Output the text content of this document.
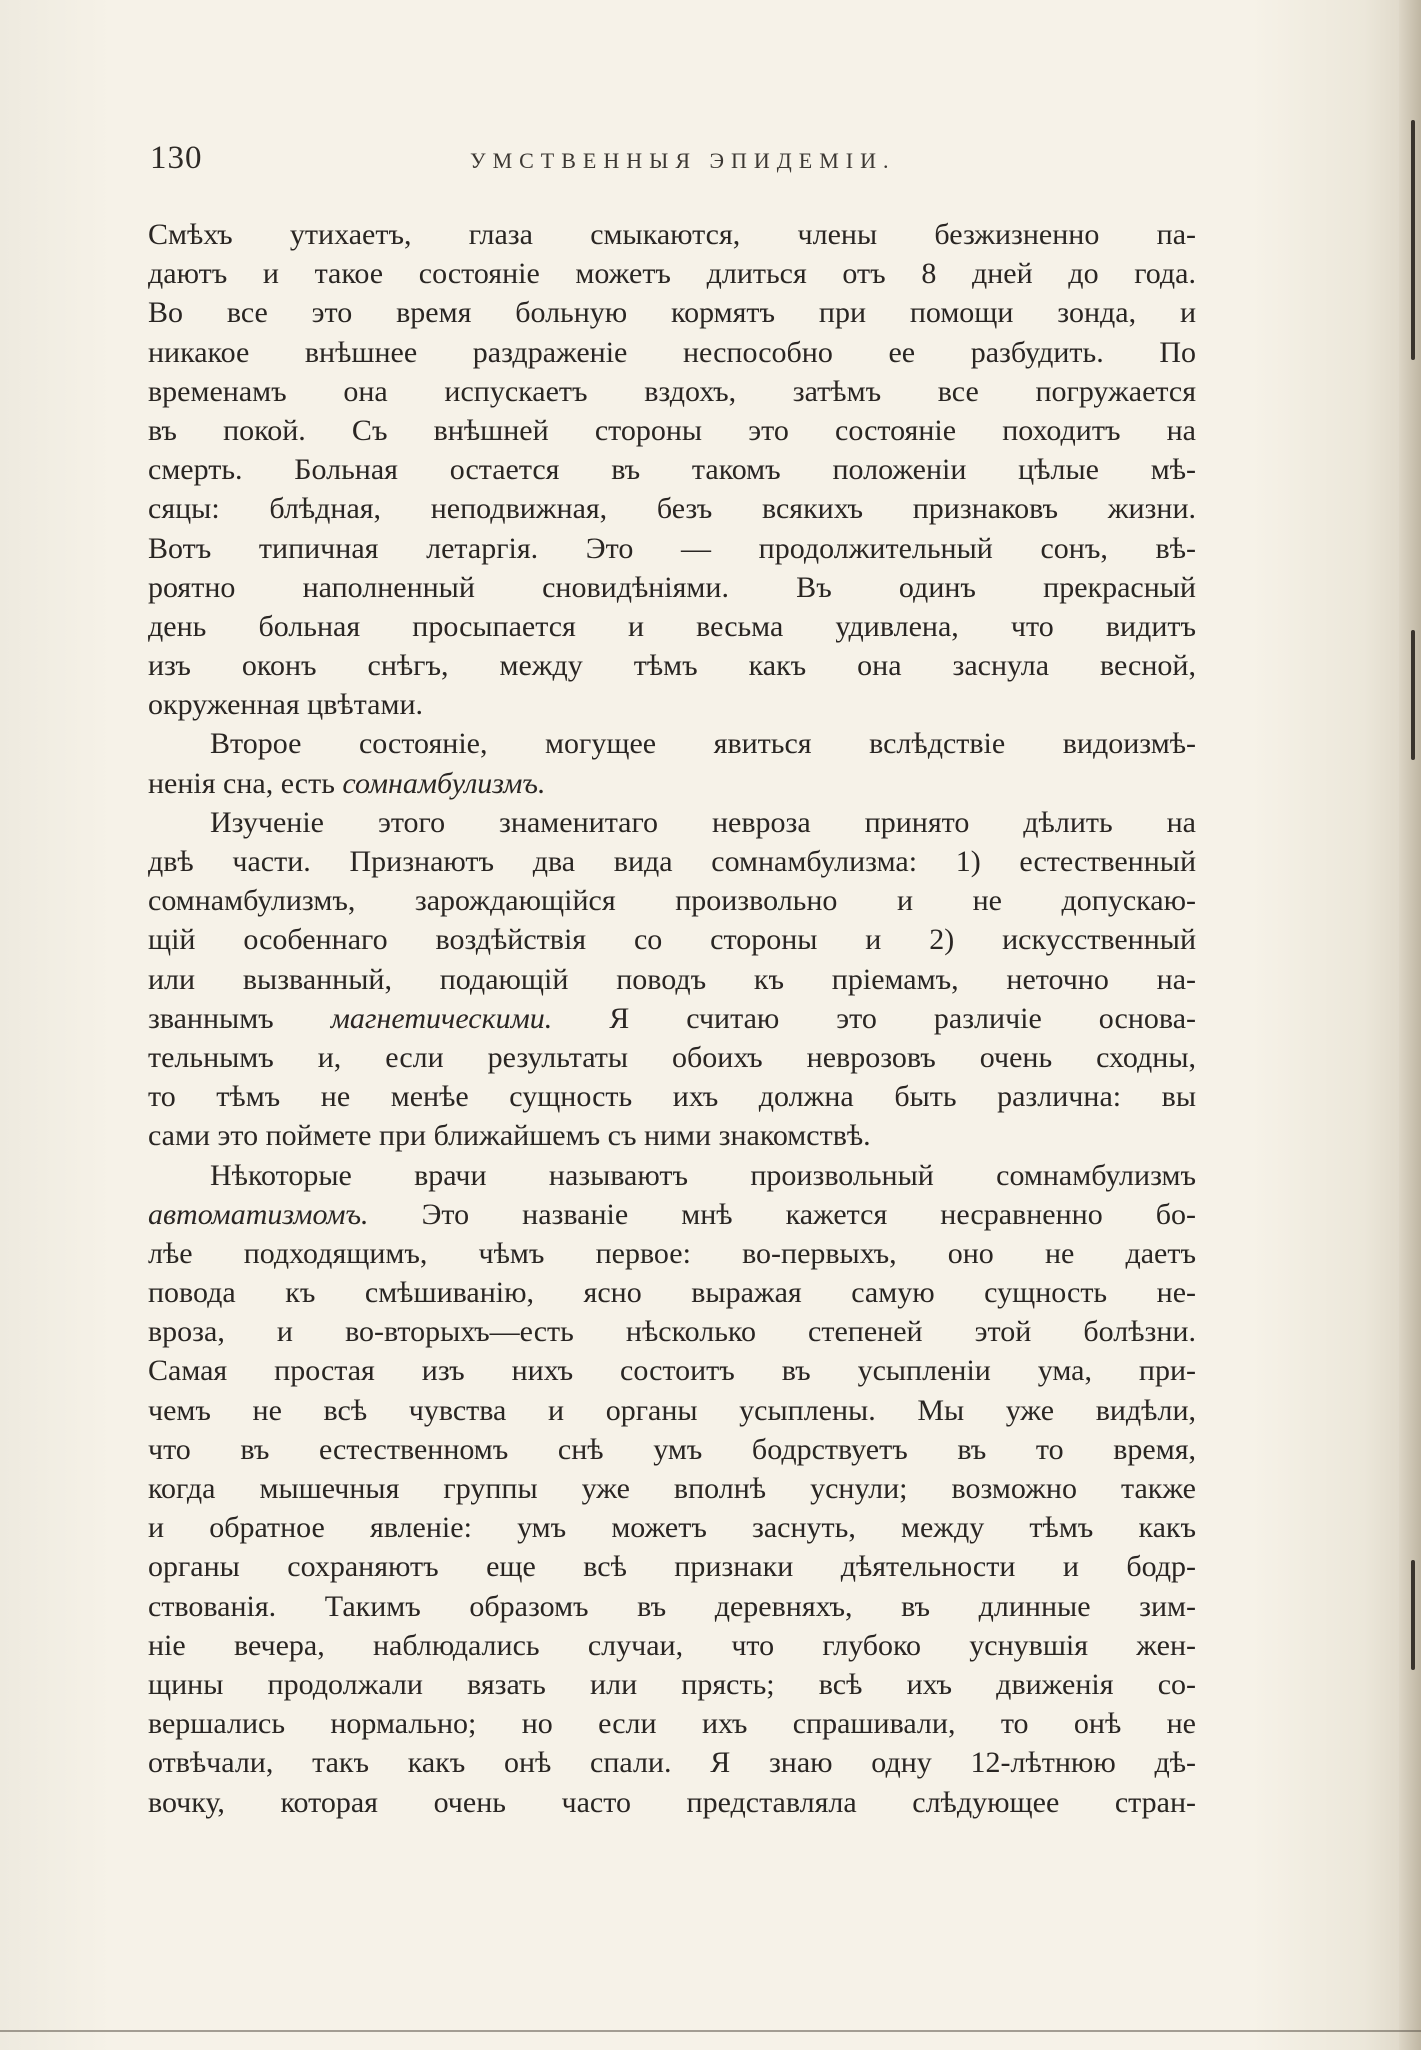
130	УМСТВЕННЫЯ ЭПИДЕМІИ.
Смѣхъ утихаетъ, глаза смыкаются, члены безжизненно па-
даютъ и такое состояніе можетъ длиться отъ 8 дней до года.
Во все это время больную кормятъ при помощи зонда, и
никакое внѣшнее раздраженіе неспособно ее разбудить. По
временамъ она испускаетъ вздохъ, затѣмъ все погружается
въ покой. Съ внѣшней стороны это состояніе походитъ на
смерть. Больная остается въ такомъ положеніи цѣлые мѣ-
сяцы: блѣдная, неподвижная, безъ всякихъ признаковъ жизни.
Вотъ типичная летаргія. Это — продолжительный сонъ, вѣ-
роятно наполненный сновидѣніями. Въ одинъ прекрасный
день больная просыпается и весьма удивлена, что видитъ
изъ оконъ снѣгъ, между тѣмъ какъ она заснула весной,
окруженная цвѣтами.
Второе состояніе, могущее явиться вслѣдствіе видоизмѣ-
ненія сна, есть сомнамбулизмъ.
Изученіе этого знаменитаго невроза принято дѣлить на
двѣ части. Признаютъ два вида сомнамбулизма: 1) естественный
сомнамбулизмъ, зарождающійся произвольно и не допускаю-
щій особеннаго воздѣйствія со стороны и 2) искусственный
или вызванный, подающій поводъ къ пріемамъ, неточно на-
званнымъ магнетическими. Я считаю это различіе основа-
тельнымъ и, если результаты обоихъ неврозовъ очень сходны,
то тѣмъ не менѣе сущность ихъ должна быть различна: вы
сами это поймете при ближайшемъ съ ними знакомствѣ.
Нѣкоторые врачи называютъ произвольный сомнамбулизмъ
автоматизмомъ. Это названіе мнѣ кажется несравненно бо-
лѣе подходящимъ, чѣмъ первое: во-первыхъ, оно не даетъ
повода къ смѣшиванію, ясно выражая самую сущность не-
вроза, и во-вторыхъ—есть нѣсколько степеней этой болѣзни.
Самая простая изъ нихъ состоитъ въ усыпленіи ума, при-
чемъ не всѣ чувства и органы усыплены. Мы уже видѣли,
что въ естественномъ снѣ умъ бодрствуетъ въ то время,
когда мышечныя группы уже вполнѣ уснули; возможно также
и обратное явленіе: умъ можетъ заснуть, между тѣмъ какъ
органы сохраняютъ еще всѣ признаки дѣятельности и бодр-
ствованія. Такимъ образомъ въ деревняхъ, въ длинные зим-
ніе вечера, наблюдались случаи, что глубоко уснувшія жен-
щины продолжали вязать или прясть; всѣ ихъ движенія со-
вершались нормально; но если ихъ спрашивали, то онѣ не
отвѣчали, такъ какъ онѣ спали. Я знаю одну 12-лѣтнюю дѣ-
вочку, которая очень часто представляла слѣдующее стран-
